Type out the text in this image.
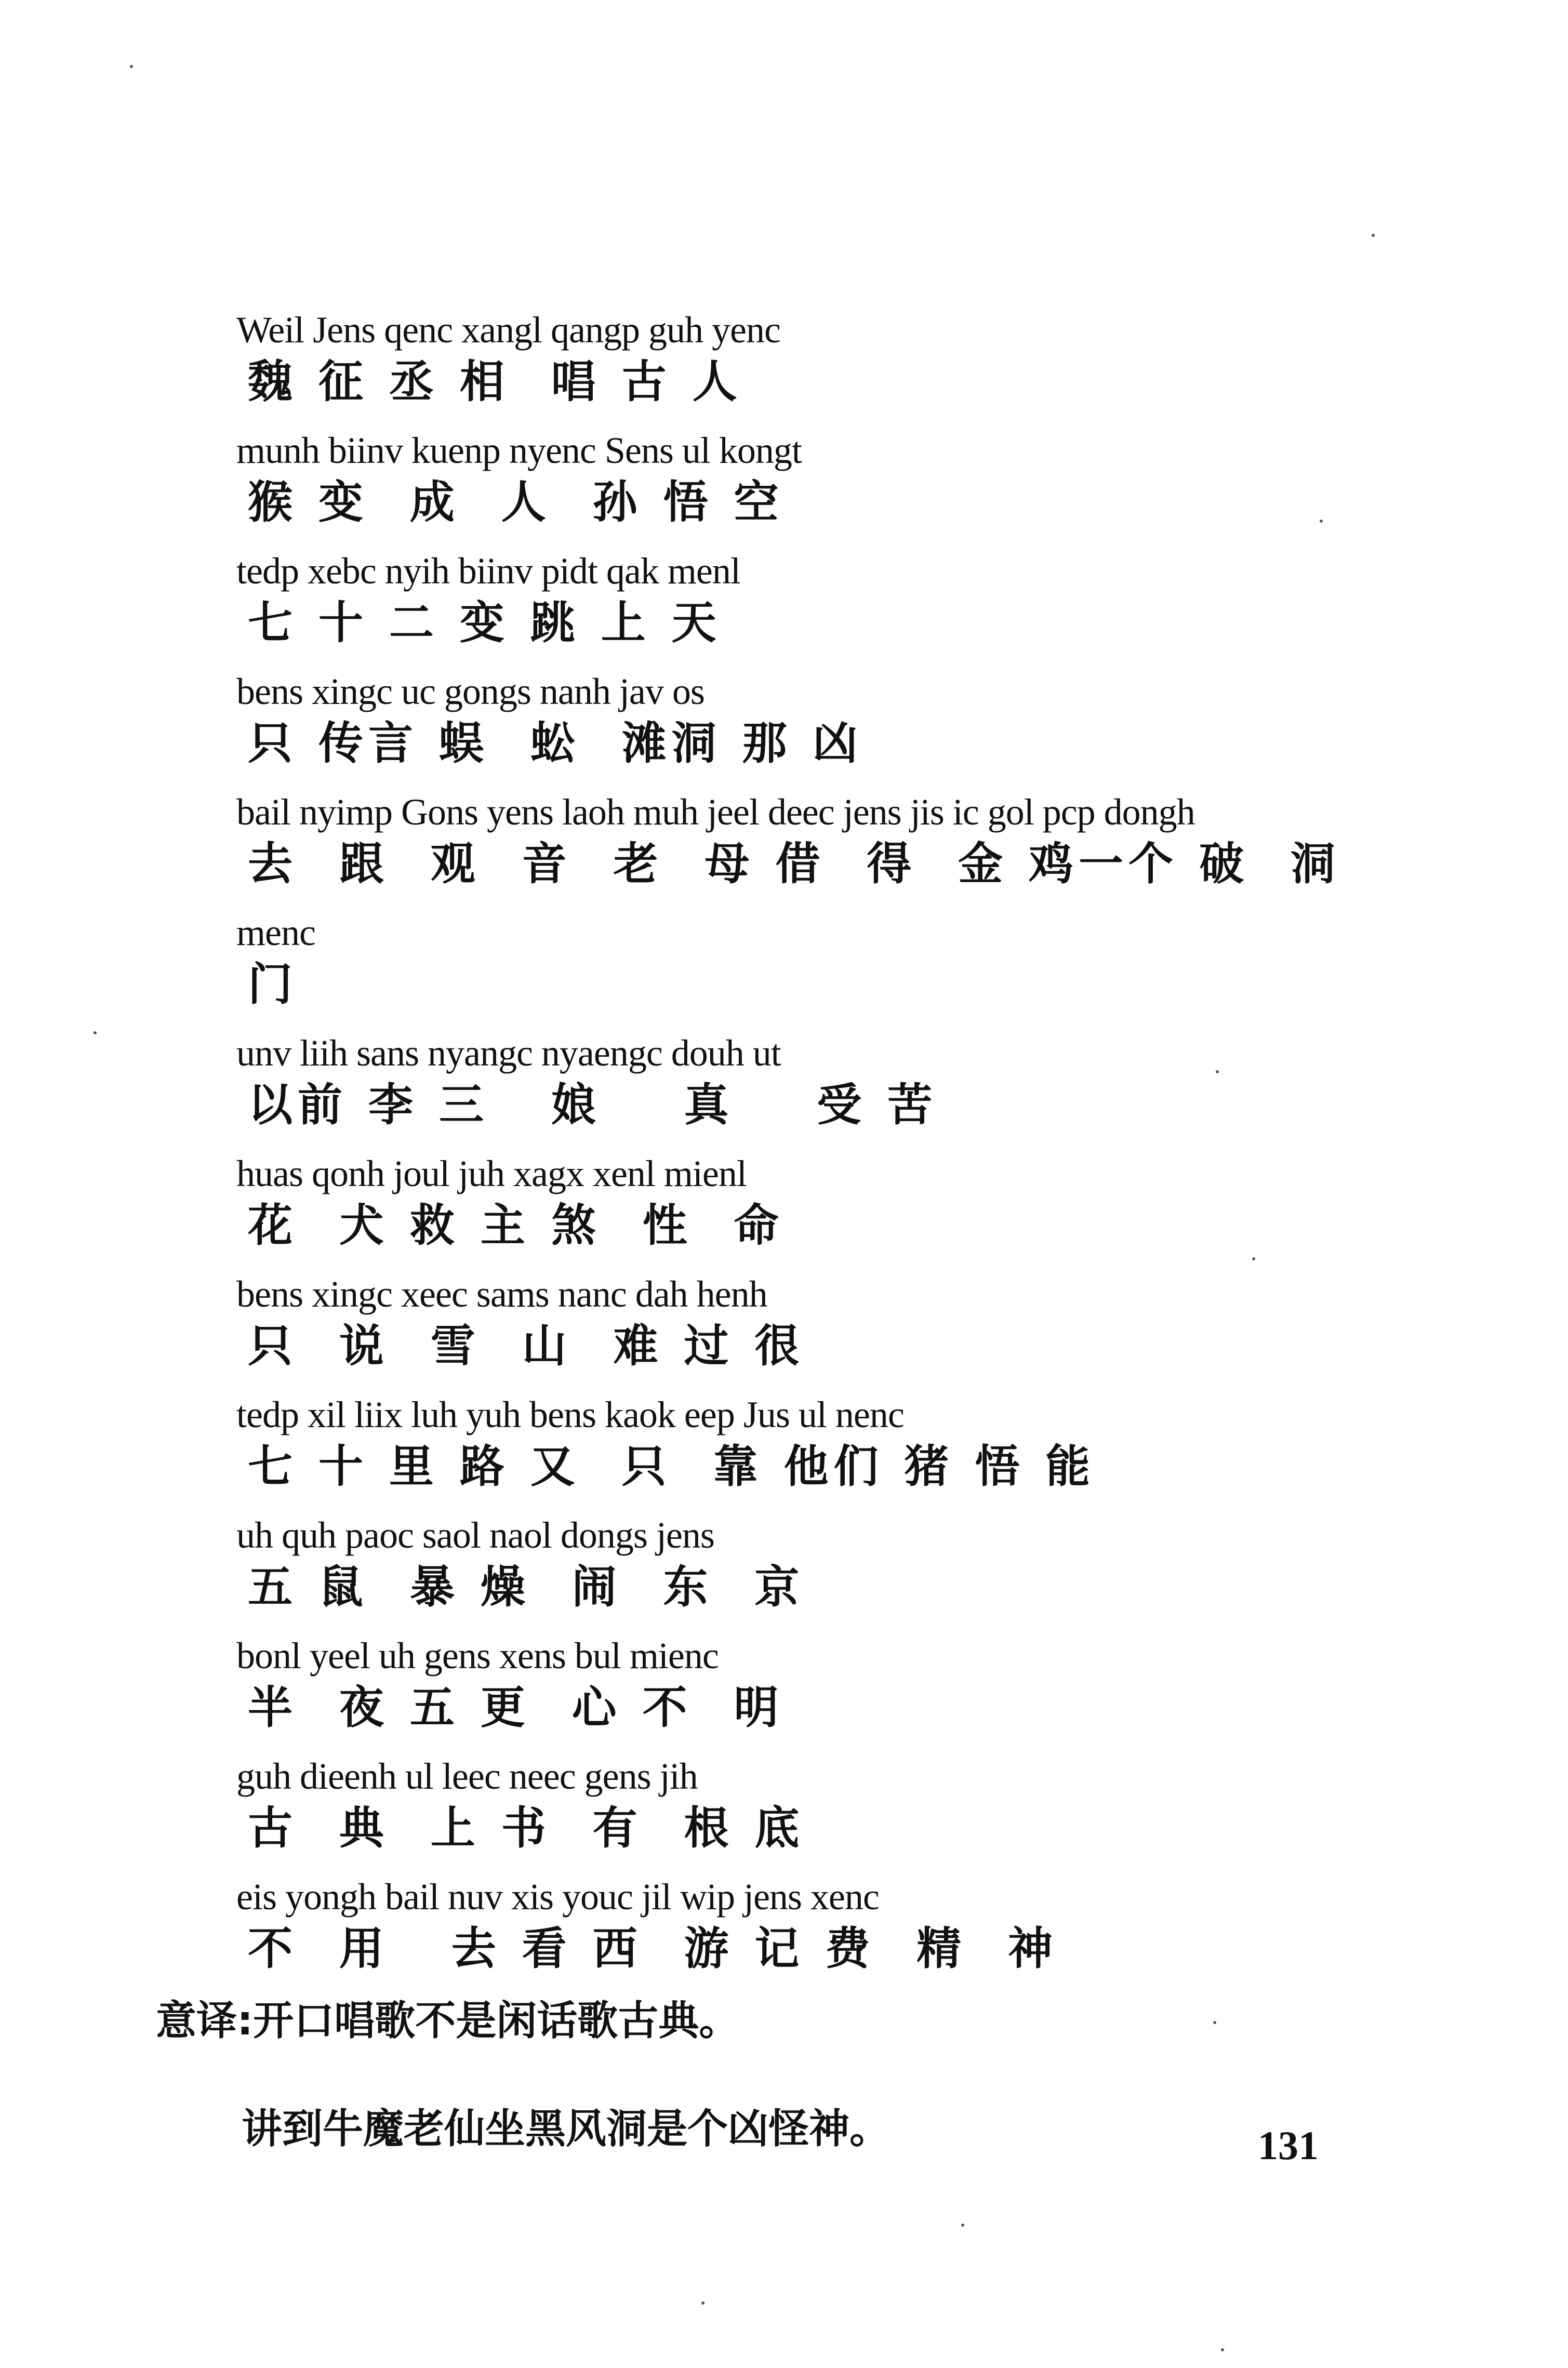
Weil Jens qenc xangl qangp guh yenc
魏 征 丞 相  唱 古 人
munh biinv kuenp nyenc Sens ul kongt
猴 变  成  人  孙 悟 空
tedp xebc nyih biinv pidt qak menl
七 十 二 变 跳 上 天
bens xingc uc gongs nanh jav os
只 传言 蜈  蚣  滩洞 那 凶
bail nyimp Gons yens laoh muh jeel deec jens jis ic gol pcp dongh
去  跟  观  音  老  母 借  得  金 鸡一个 破  洞
menc
门
unv liih sans nyangc nyaengc douh ut
以前 李 三   娘    真    受 苦
huas qonh joul juh xagx xenl mienl
花  犬 救 主 煞  性  命
bens xingc xeec sams nanc dah henh
只  说  雪  山  难 过 很
tedp xil liix luh yuh bens kaok eep Jus ul nenc
七 十 里 路 又  只  靠 他们 猪 悟 能
uh quh paoc saol naol dongs jens
五 鼠  暴 燥  闹  东  京
bonl yeel uh gens xens bul mienc
半  夜 五 更  心 不  明
guh dieenh ul leec neec gens jih
古  典  上 书  有  根 底
eis yongh bail nuv xis youc jil wip jens xenc
不  用   去 看 西  游 记 费  精  神
意译:开口唱歌不是闲话歌古典。
讲到牛魔老仙坐黑风洞是个凶怪神。	131
